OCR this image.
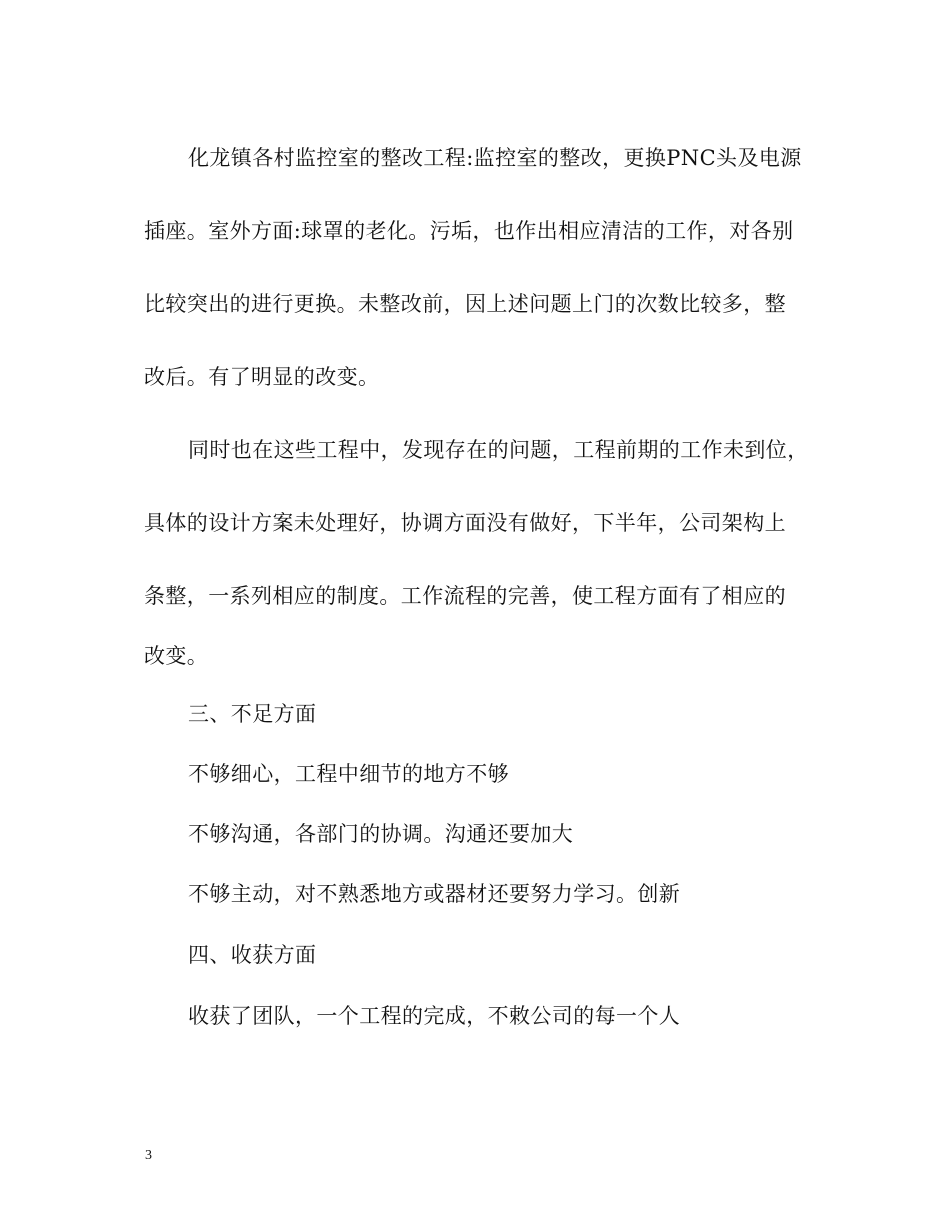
化龙镇各村监控室的整改工程:监控室的整改，更换PNC头及电源
插座。室外方面:球罩的老化。污垢，也作出相应清洁的工作，对各别
比较突出的进行更换。未整改前，因上述问题上门的次数比较多，整
改后。有了明显的改变。
同时也在这些工程中，发现存在的问题，工程前期的工作未到位，
具体的设计方案未处理好，协调方面没有做好，下半年，公司架构上
条整，一系列相应的制度。工作流程的完善，使工程方面有了相应的
改变。
三、不足方面
不够细心，工程中细节的地方不够
不够沟通，各部门的协调。沟通还要加大
不够主动，对不熟悉地方或器材还要努力学习。创新
四、收获方面
收获了团队，一个工程的完成，不敕公司的每一个人
3
